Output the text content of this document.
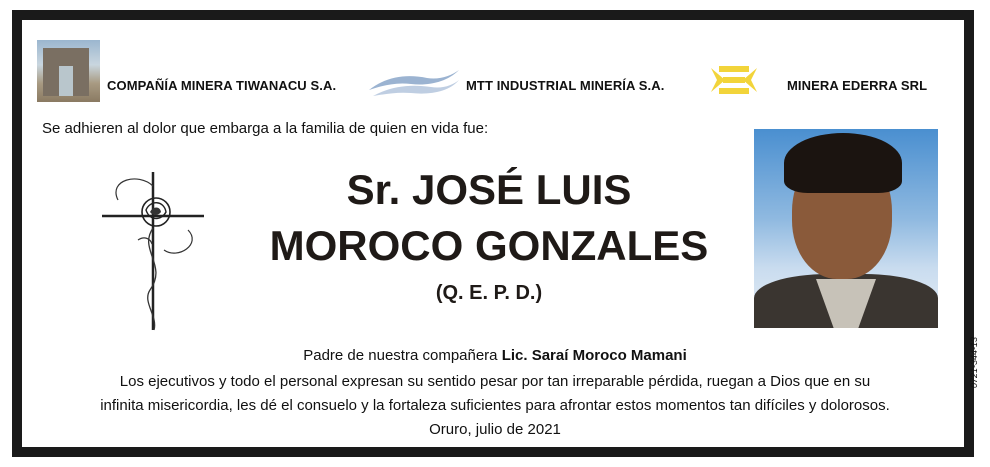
COMPAÑÍA MINERA TIWANACU S.A.	MTT INDUSTRIAL MINERÍA S.A.	MINERA EDERRA SRL
Se adhieren al dolor que embarga a la familia de quien en vida fue:
Sr. JOSÉ LUIS
MOROCO GONZALES
(Q. E. P. D.)
Padre de nuestra compañera Lic. Saraí Moroco Mamani
Los ejecutivos y todo el personal expresan su sentido pesar por tan irreparable pérdida, ruegan a Dios que en su
infinita misericordia, les dé el consuelo y la fortaleza suficientes para afrontar estos momentos tan difíciles y dolorosos.
Oruro, julio de 2021
0721-344-13
